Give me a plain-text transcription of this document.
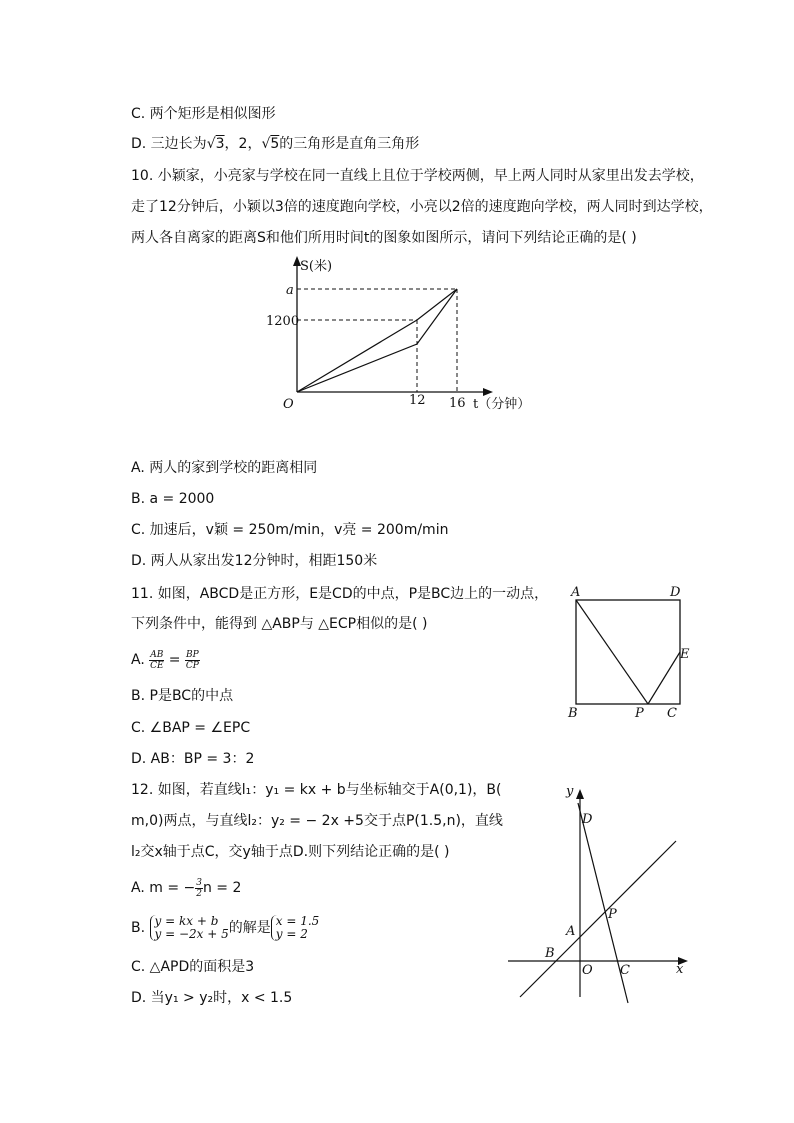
C. 两个矩形是相似图形
D. 三边长为√3，2，√5的三角形是直角三角形
10. 小颖家，小亮家与学校在同一直线上且位于学校两侧，早上两人同时从家里出发去学校，
走了12分钟后，小颖以3倍的速度跑向学校，小亮以2倍的速度跑向学校，两人同时到达学校，
两人各自离家的距离S和他们所用时间t的图象如图所示，请问下列结论正确的是( )
S(米)
a
1200
O	12 16 t（分钟）
A. 两人的家到学校的距离相同
B. a = 2000
C. 加速后，v颖 = 250m/min，v亮 = 200m/min
D. 两人从家出发12分钟时，相距150米
11. 如图，ABCD是正方形，E是CD的中点，P是BC边上的一动点，
下列条件中，能得到 △ABP与 △ECP相似的是( )
A. $\frac{AB}{CE} = \frac{BP}{CP}$
B. P是BC的中点
C. ∠BAP = ∠EPC
D. AB：BP = 3：2
A	D
E
B	P C
12. 如图，若直线l₁：y₁ = kx + b与坐标轴交于A(0,1)，B(
m,0)两点，与直线l₂：y₂ = − 2x +5交于点P(1.5,n)，直线
l₂交x轴于点C，交y轴于点D.则下列结论正确的是( )
A. m = − $\frac{3}{2}$ n = 2
B. y = kx + b
y = −2x + 5 的解是 x = 1.5
y = 2
C. △APD的面积是3
D. 当y₁ > y₂时，x < 1.5
y
x
D
P
A
B
O C
